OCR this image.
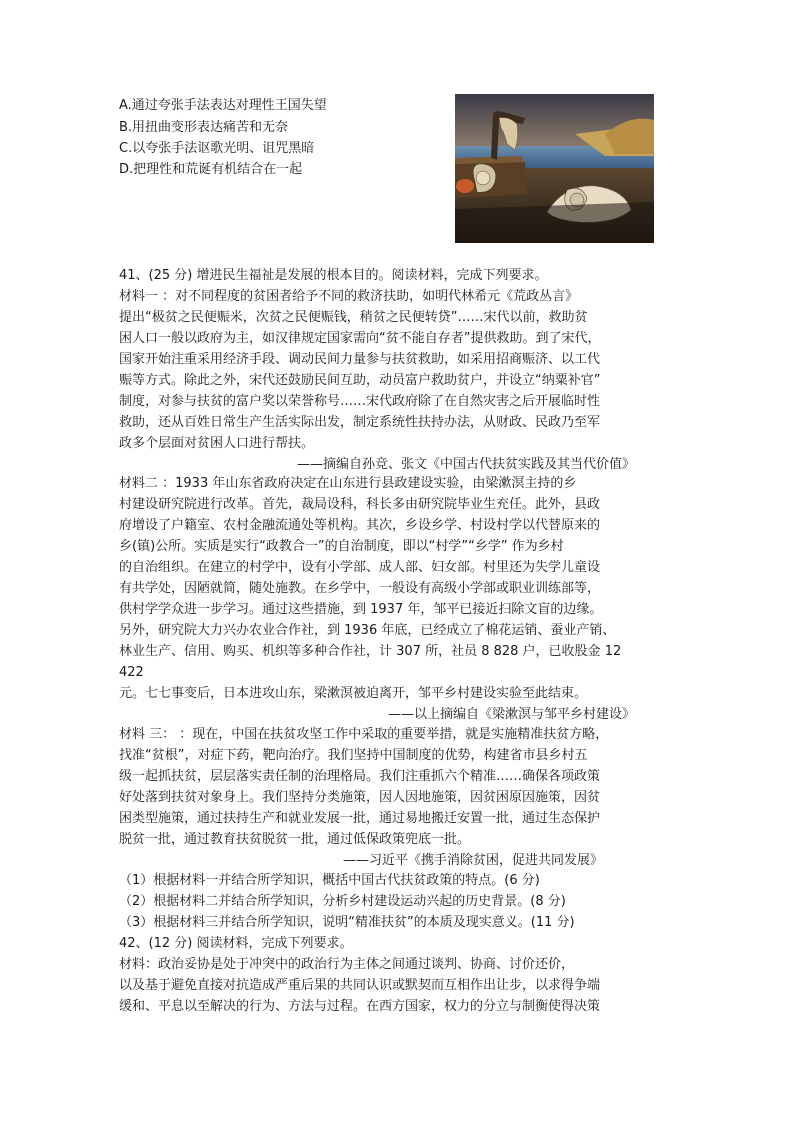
A.通过夸张手法表达对理性王国失望
B.用扭曲变形表达痛苦和无奈
C.以夸张手法讴歌光明、诅咒黑暗
D.把理性和荒诞有机结合在一起
41、(25 分) 增进民生福祉是发展的根本目的。阅读材料，完成下列要求。
材料一 ：对不同程度的贫困者给予不同的救济扶助，如明代林希元《荒政丛言》
提出“极贫之民便赈米，次贫之民便赈钱，稍贫之民便转贷”……宋代以前，救助贫
困人口一般以政府为主，如汉律规定国家需向“贫不能自存者”提供救助。到了宋代，
国家开始注重采用经济手段、调动民间力量参与扶贫救助，如采用招商赈济、以工代
赈等方式。除此之外，宋代还鼓励民间互助，动员富户救助贫户，并设立“纳粟补官”
制度，对参与扶贫的富户奖以荣誉称号……宋代政府除了在自然灾害之后开展临时性
救助，还从百姓日常生产生活实际出发，制定系统性扶持办法，从财政、民政乃至军
政多个层面对贫困人口进行帮扶。
——摘编自孙竞、张文《中国古代扶贫实践及其当代价值》
材料二 ：1933 年山东省政府决定在山东进行县政建设实验，由梁漱溟主持的乡
村建设研究院进行改革。首先，裁局设科，科长多由研究院毕业生充任。此外，县政
府增设了户籍室、农村金融流通处等机构。其次，乡设乡学、村设村学以代替原来的
乡(镇)公所。实质是实行“政教合一”的自治制度，即以“村学”“乡学” 作为乡村
的自治组织。在建立的村学中，设有小学部、成人部、妇女部。村里还为失学儿童设
有共学处，因陋就简，随处施教。在乡学中，一般设有高级小学部或职业训练部等，
供村学学众进一步学习。通过这些措施，到 1937 年，邹平已接近扫除文盲的边缘。
另外，研究院大力兴办农业合作社，到 1936 年底，已经成立了棉花运销、蚕业产销、
林业生产、信用、购买、机织等多种合作社，计 307 所，社员 8 828 户，已收股金 12
422
元。七七事变后，日本进攻山东，梁漱溟被迫离开，邹平乡村建设实验至此结束。
——以上摘编自《梁漱溟与邹平乡村建设》
材料 三： ：现在，中国在扶贫攻坚工作中采取的重要举措，就是实施精准扶贫方略，
找准“贫根”，对症下药，靶向治疗。我们坚持中国制度的优势，构建省市县乡村五
级一起抓扶贫，层层落实责任制的治理格局。我们注重抓六个精准……确保各项政策
好处落到扶贫对象身上。我们坚持分类施策，因人因地施策，因贫困原因施策，因贫
困类型施策，通过扶持生产和就业发展一批，通过易地搬迁安置一批，通过生态保护
脱贫一批，通过教育扶贫脱贫一批，通过低保政策兜底一批。
——习近平《携手消除贫困，促进共同发展》
（1）根据材料一并结合所学知识，概括中国古代扶贫政策的特点。(6 分)
（2）根据材料二并结合所学知识，分析乡村建设运动兴起的历史背景。(8 分)
（3）根据材料三并结合所学知识，说明“精准扶贫”的本质及现实意义。(11 分)
42、(12 分) 阅读材料，完成下列要求。
材料：政治妥协是处于冲突中的政治行为主体之间通过谈判、协商、讨价还价，
以及基于避免直接对抗造成严重后果的共同认识或默契而互相作出让步，以求得争端
缓和、平息以至解决的行为、方法与过程。在西方国家，权力的分立与制衡使得决策
